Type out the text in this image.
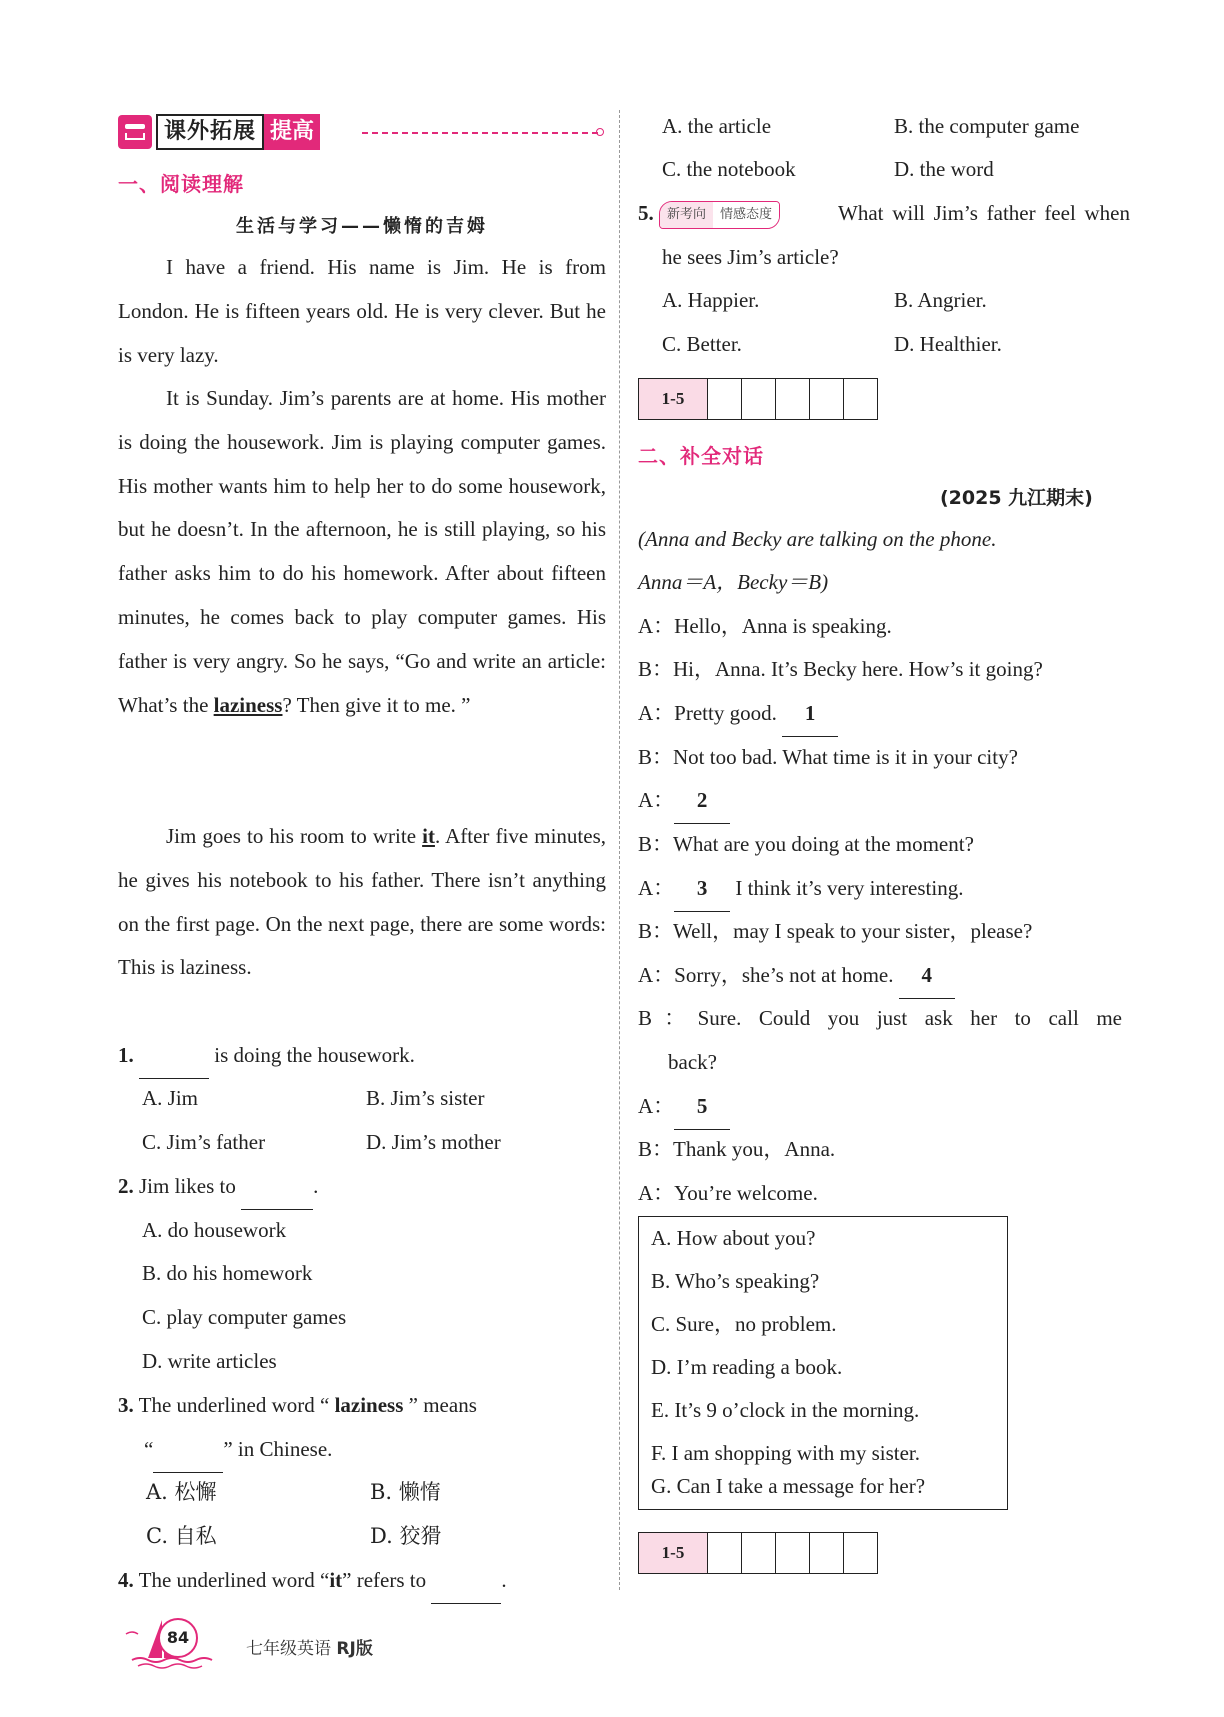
课外拓展 提高
一、阅读理解
生活与学习——懒惰的吉姆
I have a friend. His name is Jim. He is from London. He is fifteen years old. He is very clever. But he is very lazy.
It is Sunday. Jim’s parents are at home. His mother is doing the housework. Jim is playing computer games. His mother wants him to help her to do some housework, but he doesn’t. In the afternoon, he is still playing, so his father asks him to do his homework. After about fifteen minutes, he comes back to play computer games. His father is very angry. So he says, “Go and write an article: What’s the laziness? Then give it to me. ”
Jim goes to his room to write it. After five minutes, he gives his notebook to his father. There isn’t anything on the first page. On the next page, there are some words: This is laziness.
1.	is doing the housework.
A. Jim	B. Jim’s sister
C. Jim’s father	D. Jim’s mother
2. Jim likes to	.
A. do housework
B. do his homework
C. play computer games
D. write articles
3. The underlined word “ laziness ” means
“	” in Chinese.
A. 松懈	B. 懒惰
C. 自私	D. 狡猾
4. The underlined word “it” refers to	.
A. the article	B. the computer game
C. the notebook	D. the word
5.	新考向	情感态度	What will Jim’s father feel when he sees Jim’s article?
A. Happier.	B. Angrier.
C. Better.	D. Healthier.
1-5
二、补全对话
(2025 九江期末)
(Anna and Becky are talking on the phone.
Anna＝A，Becky＝B)
A：Hello，Anna is speaking.
B：Hi，Anna. It’s Becky here. How’s it going?
A：Pretty good. 1
B：Not too bad. What time is it in your city?
A： 2
B：What are you doing at the moment?
A： 3 I think it’s very interesting.
B：Well，may I speak to your sister，please?
A：Sorry，she’s not at home. 4
B：Sure. Could you just ask her to call me
back?
A： 5
B：Thank you，Anna.
A：You’re welcome.
A. How about you?
B. Who’s speaking?
C. Sure，no problem.
D. I’m reading a book.
E. It’s 9 o’clock in the morning.
F. I am shopping with my sister.
G. Can I take a message for her?
1-5
84
七年级英语 RJ版
